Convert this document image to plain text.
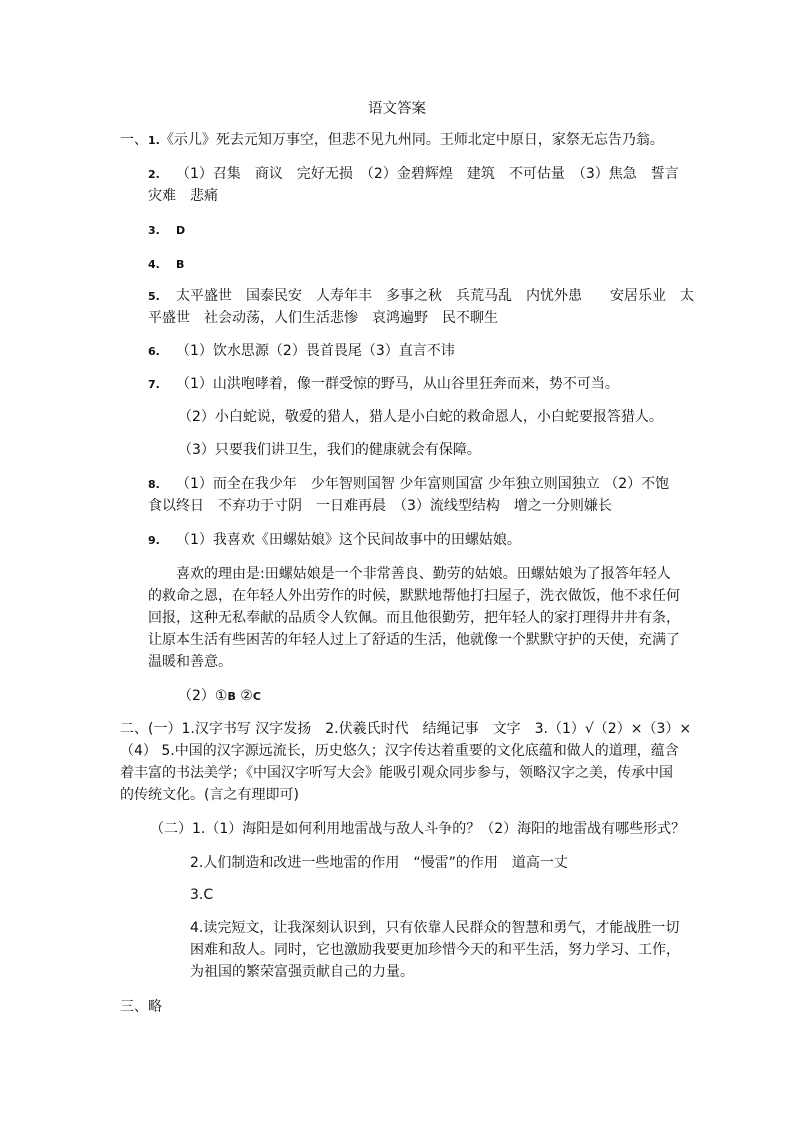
语文答案
一、1.《示儿》死去元知万事空，但悲不见九州同。王师北定中原日，家祭无忘告乃翁。
2. （1）召集　商议　完好无损　（2）金碧辉煌　建筑　不可估量　（3）焦急　誓言
灾难　悲痛
3. D
4. B
5. 太平盛世　国泰民安　人寿年丰　多事之秋　兵荒马乱　内忧外患　　安居乐业　太
平盛世　社会动荡，人们生活悲惨　哀鸿遍野　民不聊生
6. （1）饮水思源（2）畏首畏尾（3）直言不讳
7. （1）山洪咆哮着，像一群受惊的野马，从山谷里狂奔而来，势不可当。
（2）小白蛇说，敬爱的猎人，猎人是小白蛇的救命恩人，小白蛇要报答猎人。
（3）只要我们讲卫生，我们的健康就会有保障。
8. （1）而全在我少年　少年智则国智 少年富则国富 少年独立则国独立 （2）不饱
食以终日　不弃功于寸阴　一日难再晨　（3）流线型结构　增之一分则嫌长
9. （1）我喜欢《田螺姑娘》这个民间故事中的田螺姑娘。
喜欢的理由是:田螺姑娘是一个非常善良、勤劳的姑娘。田螺姑娘为了报答年轻人
的救命之恩，在年轻人外出劳作的时候，默默地帮他打扫屋子，洗衣做饭，他不求任何
回报，这种无私奉献的品质令人钦佩。而且他很勤劳，把年轻人的家打理得井井有条，
让原本生活有些困苦的年轻人过上了舒适的生活，他就像一个默默守护的天使，充满了
温暖和善意。
（2）①B ②C
二、(一）1.汉字书写 汉字发扬　2.伏羲氏时代　结绳记事　文字　3.（1）√（2）×（3）×
（4） 5.中国的汉字源远流长，历史悠久；汉字传达着重要的文化底蕴和做人的道理，蕴含
着丰富的书法美学；《中国汉字听写大会》能吸引观众同步参与，领略汉字之美，传承中国
的传统文化。(言之有理即可)
（二）1.（1）海阳是如何利用地雷战与敌人斗争的？（2）海阳的地雷战有哪些形式？
2.人们制造和改进一些地雷的作用　“慢雷”的作用　道高一丈
3.C
4.读完短文，让我深刻认识到，只有依靠人民群众的智慧和勇气，才能战胜一切
困难和敌人。同时，它也激励我要更加珍惜今天的和平生活，努力学习、工作，
为祖国的繁荣富强贡献自己的力量。
三、略
